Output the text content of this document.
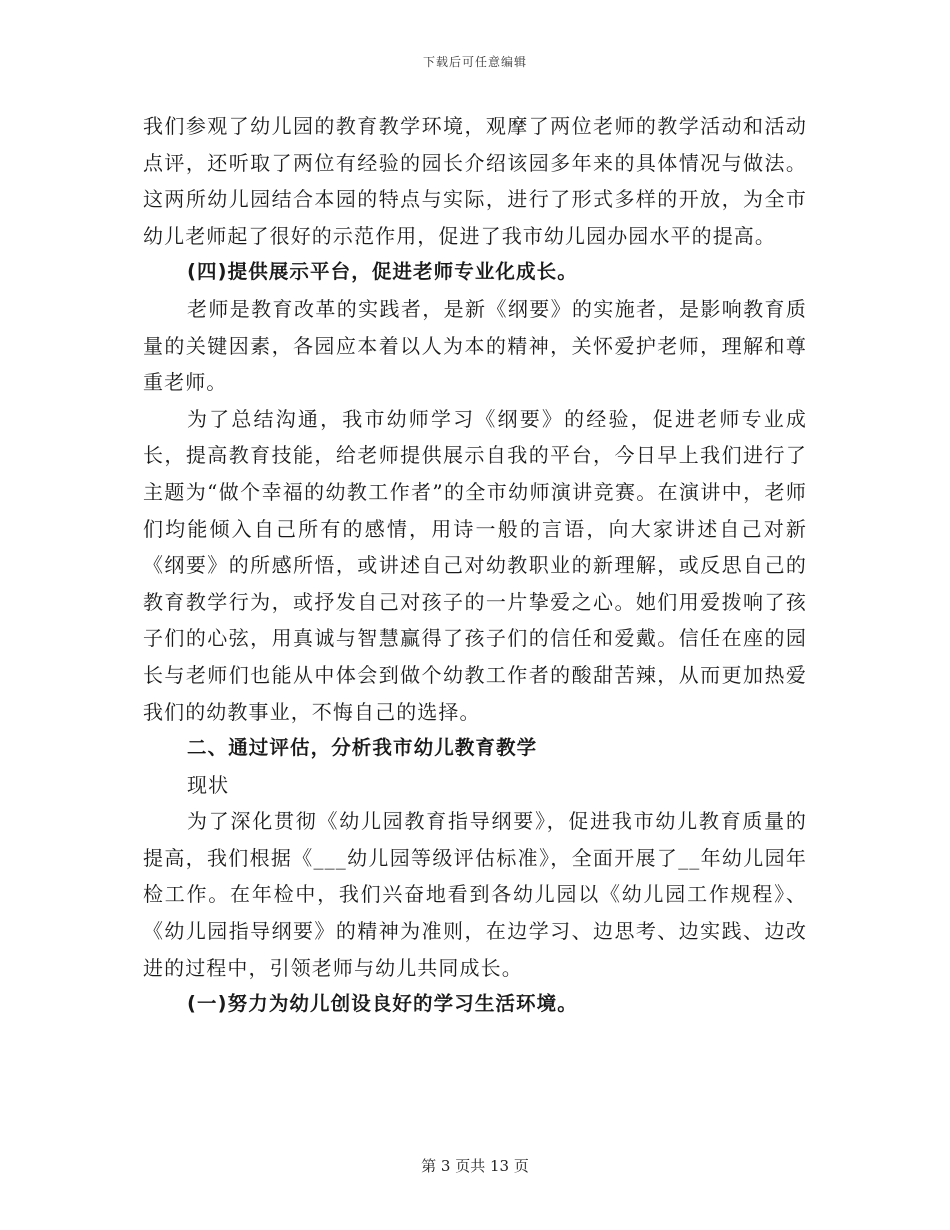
下载后可任意编辑

我们参观了幼儿园的教育教学环境，观摩了两位老师的教学活动和活动点评，还听取了两位有经验的园长介绍该园多年来的具体情况与做法。这两所幼儿园结合本园的特点与实际，进行了形式多样的开放，为全市幼儿老师起了很好的示范作用，促进了我市幼儿园办园水平的提高。

(四)提供展示平台，促进老师专业化成长。

老师是教育改革的实践者，是新《纲要》的实施者，是影响教育质量的关键因素，各园应本着以人为本的精神，关怀爱护老师，理解和尊重老师。

为了总结沟通，我市幼师学习《纲要》的经验，促进老师专业成长，提高教育技能，给老师提供展示自我的平台，今日早上我们进行了主题为“做个幸福的幼教工作者”的全市幼师演讲竞赛。在演讲中，老师们均能倾入自己所有的感情，用诗一般的言语，向大家讲述自己对新《纲要》的所感所悟，或讲述自己对幼教职业的新理解，或反思自己的教育教学行为，或抒发自己对孩子的一片挚爱之心。她们用爱拨响了孩子们的心弦，用真诚与智慧赢得了孩子们的信任和爱戴。信任在座的园长与老师们也能从中体会到做个幼教工作者的酸甜苦辣，从而更加热爱我们的幼教事业，不悔自己的选择。

二、通过评估，分析我市幼儿教育教学

现状

为了深化贯彻《幼儿园教育指导纲要》，促进我市幼儿教育质量的提高，我们根据《___幼儿园等级评估标准》，全面开展了__年幼儿园年检工作。在年检中，我们兴奋地看到各幼儿园以《幼儿园工作规程》、《幼儿园指导纲要》的精神为准则，在边学习、边思考、边实践、边改进的过程中，引领老师与幼儿共同成长。

(一)努力为幼儿创设良好的学习生活环境。

第 3 页共 13 页
